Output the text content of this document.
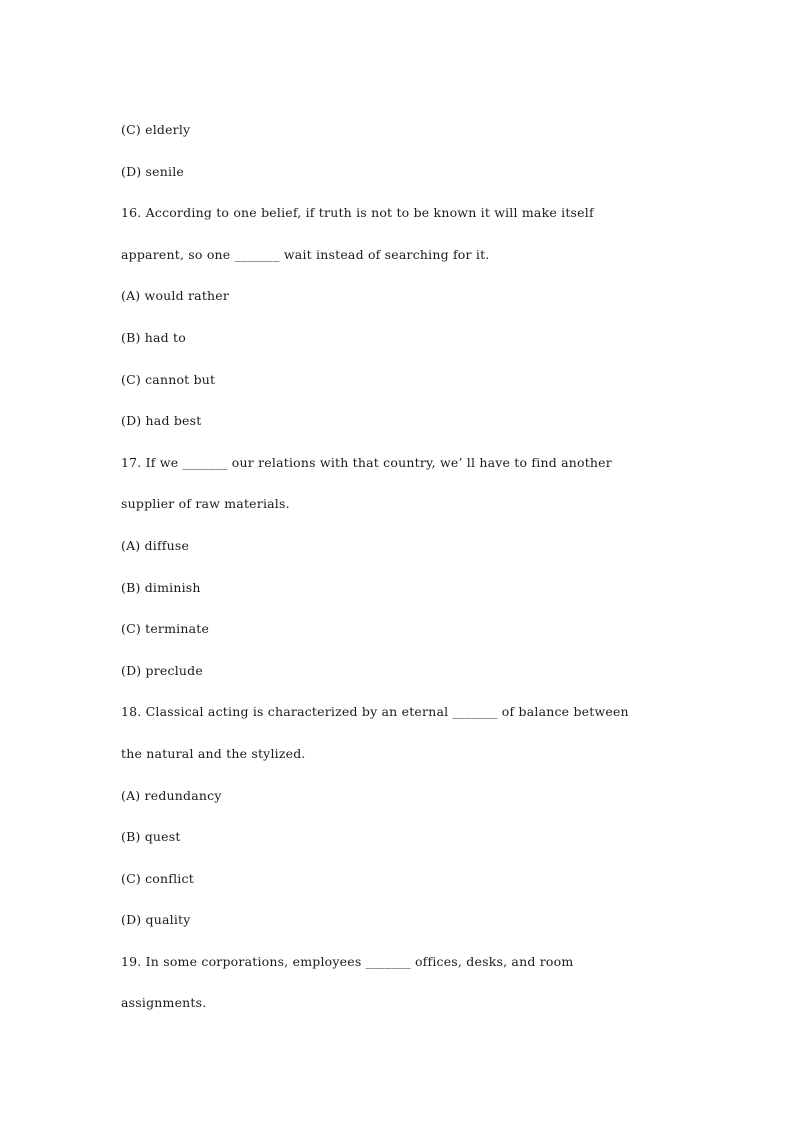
(C) elderly
(D) senile
16. According to one belief, if truth is not to be known it will make itself
apparent, so one _______ wait instead of searching for it.
(A) would rather
(B) had to
(C) cannot but
(D) had best
17. If we _______ our relations with that country, we’ ll have to find another
supplier of raw materials.
(A) diffuse
(B) diminish
(C) terminate
(D) preclude
18. Classical acting is characterized by an eternal _______ of balance between
the natural and the stylized.
(A) redundancy
(B) quest
(C) conflict
(D) quality
19. In some corporations, employees _______ offices, desks, and room
assignments.
